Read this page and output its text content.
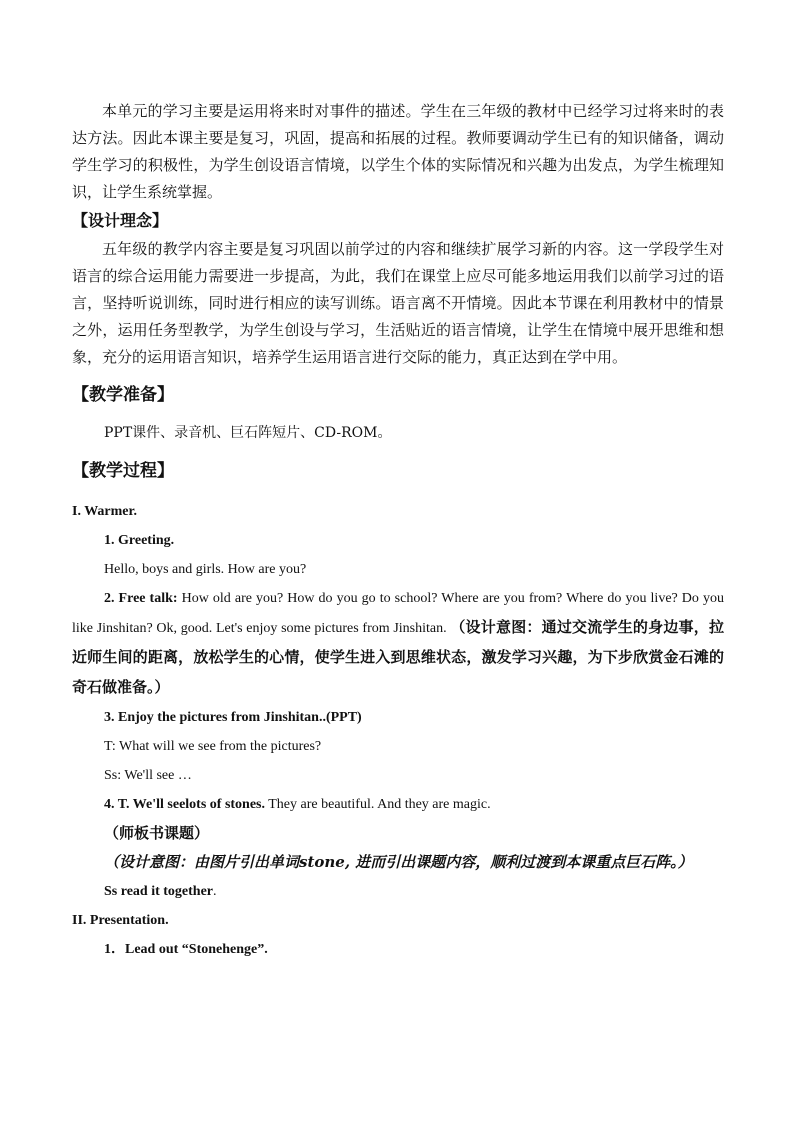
本单元的学习主要是运用将来时对事件的描述。学生在三年级的教材中已经学习过将来时的表达方法。因此本课主要是复习，巩固，提高和拓展的过程。教师要调动学生已有的知识储备，调动学生学习的积极性，为学生创设语言情境，以学生个体的实际情况和兴趣为出发点，为学生梳理知识，让学生系统掌握。

【设计理念】

五年级的教学内容主要是复习巩固以前学过的内容和继续扩展学习新的内容。这一学段学生对语言的综合运用能力需要进一步提高，为此，我们在课堂上应尽可能多地运用我们以前学习过的语言，坚持听说训练，同时进行相应的读写训练。语言离不开情境。因此本节课在利用教材中的情景之外，运用任务型教学，为学生创设与学习，生活贴近的语言情境，让学生在情境中展开思维和想象，充分的运用语言知识，培养学生运用语言进行交际的能力，真正达到在学中用。

【教学准备】

PPT课件、录音机、巨石阵短片、CD-ROM。

【教学过程】

I. Warmer.

1. Greeting.

Hello, boys and girls. How are you?

2. Free talk: How old are you? How do you go to school? Where are you from? Where do you live? Do you like Jinshitan? Ok, good. Let's enjoy some pictures from Jinshitan. （设计意图：通过交流学生的身边事，拉近师生间的距离，放松学生的心情，使学生进入到思维状态，激发学习兴趣，为下步欣赏金石滩的奇石做准备。）

3. Enjoy the pictures from Jinshitan..(PPT)

T: What will we see from the pictures?

Ss: We'll see …

4. T. We'll seelots of stones. They are beautiful. And they are magic.

（师板书课题）

（设计意图：由图片引出单词stone, 进而引出课题内容，顺利过渡到本课重点巨石阵。）

Ss read it together.

II. Presentation.

1．Lead out “Stonehenge”.
